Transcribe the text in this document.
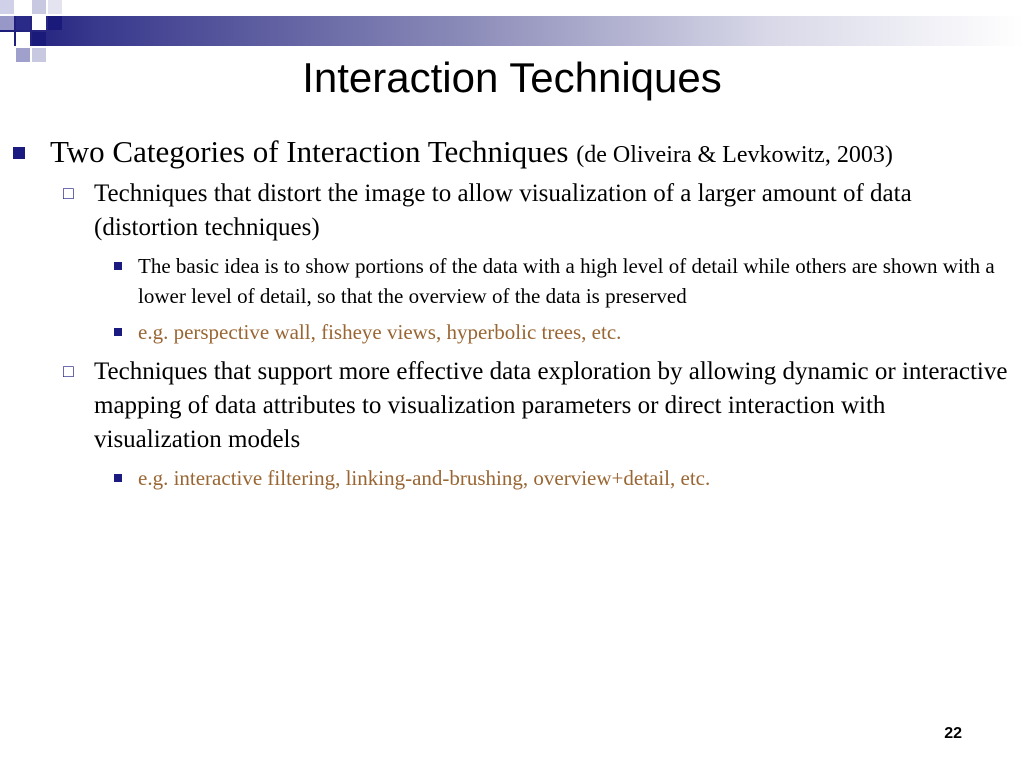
Interaction Techniques
Two Categories of Interaction Techniques (de Oliveira & Levkowitz, 2003)
□ Techniques that distort the image to allow visualization of a larger amount of data (distortion techniques)
The basic idea is to show portions of the data with a high level of detail while others are shown with a lower level of detail, so that the overview of the data is preserved
e.g. perspective wall, fisheye views, hyperbolic trees, etc.
□ Techniques that support more effective data exploration by allowing dynamic or interactive mapping of data attributes to visualization parameters or direct interaction with visualization models
e.g. interactive filtering, linking-and-brushing, overview+detail, etc.
22
